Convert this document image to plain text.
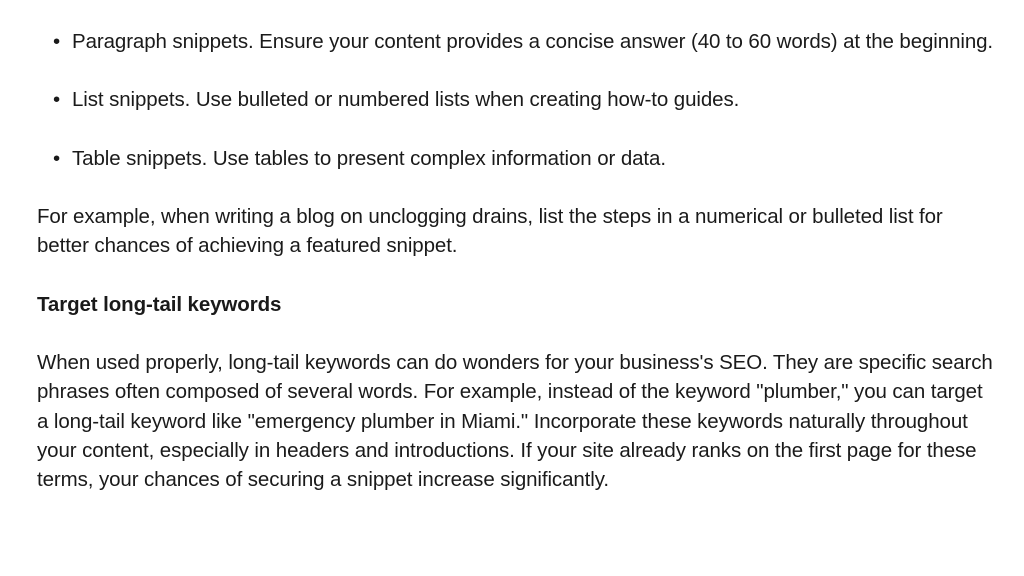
• Paragraph snippets. Ensure your content provides a concise answer (40 to 60 words) at the beginning.
• List snippets. Use bulleted or numbered lists when creating how-to guides.
• Table snippets. Use tables to present complex information or data.

For example, when writing a blog on unclogging drains, list the steps in a numerical or bulleted list for better chances of achieving a featured snippet.

Target long-tail keywords

When used properly, long-tail keywords can do wonders for your business's SEO. They are specific search phrases often composed of several words. For example, instead of the keyword "plumber," you can target a long-tail keyword like "emergency plumber in Miami." Incorporate these keywords naturally throughout your content, especially in headers and introductions. If your site already ranks on the first page for these terms, your chances of securing a snippet increase significantly.
